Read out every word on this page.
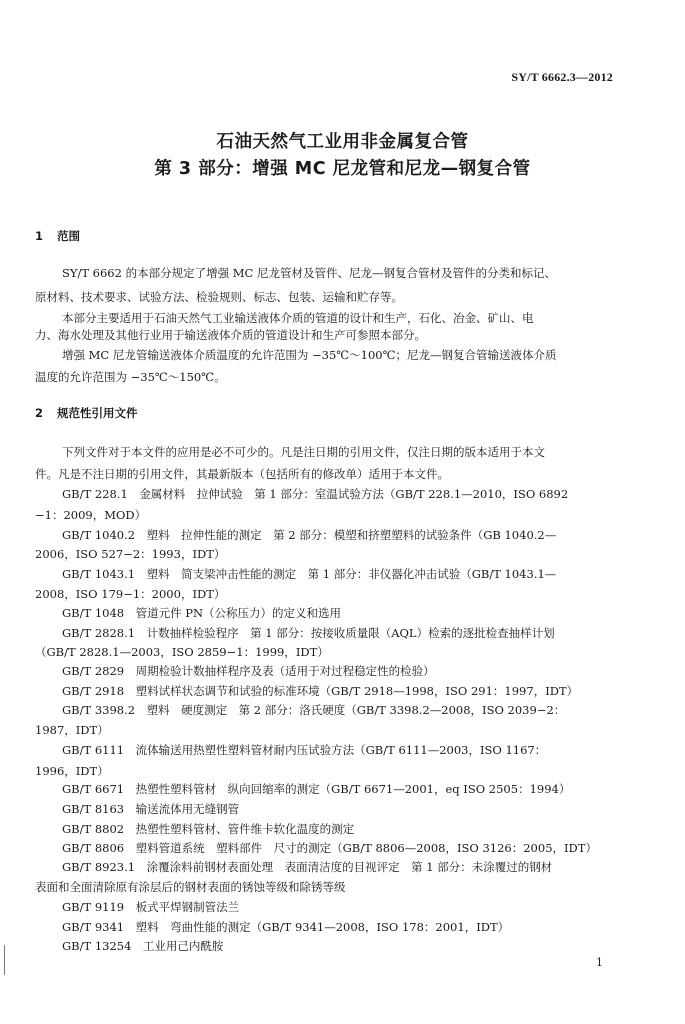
SY/T 6662.3—2012
石油天然气工业用非金属复合管
第 3 部分：增强 MC 尼龙管和尼龙—钢复合管
1 范围
SY/T 6662 的本部分规定了增强 MC 尼龙管材及管件、尼龙—钢复合管材及管件的分类和标记、
原材料、技术要求、试验方法、检验规则、标志、包装、运输和贮存等。
本部分主要适用于石油天然气工业输送液体介质的管道的设计和生产，石化、冶金、矿山、电
力、海水处理及其他行业用于输送液体介质的管道设计和生产可参照本部分。
增强 MC 尼龙管输送液体介质温度的允许范围为 −35℃～100℃；尼龙—钢复合管输送液体介质
温度的允许范围为 −35℃～150℃。
2 规范性引用文件
下列文件对于本文件的应用是必不可少的。凡是注日期的引用文件，仅注日期的版本适用于本文
件。凡是不注日期的引用文件，其最新版本（包括所有的修改单）适用于本文件。
GB/T 228.1　金属材料　拉伸试验　第 1 部分：室温试验方法（GB/T 228.1—2010，ISO 6892
−1：2009，MOD）
GB/T 1040.2　塑料　拉伸性能的测定　第 2 部分：模塑和挤塑塑料的试验条件（GB 1040.2—
2006，ISO 527−2：1993，IDT）
GB/T 1043.1　塑料　简支梁冲击性能的测定　第 1 部分：非仪器化冲击试验（GB/T 1043.1—
2008，ISO 179−1：2000，IDT）
GB/T 1048　管道元件 PN（公称压力）的定义和选用
GB/T 2828.1　计数抽样检验程序　第 1 部分：按接收质量限（AQL）检索的逐批检查抽样计划
（GB/T 2828.1—2003，ISO 2859−1：1999，IDT）
GB/T 2829　周期检验计数抽样程序及表（适用于对过程稳定性的检验）
GB/T 2918　塑料试样状态调节和试验的标准环境（GB/T 2918—1998，ISO 291：1997，IDT）
GB/T 3398.2　塑料　硬度测定　第 2 部分：洛氏硬度（GB/T 3398.2—2008，ISO 2039−2：
1987，IDT）
GB/T 6111　流体输送用热塑性塑料管材耐内压试验方法（GB/T 6111—2003，ISO 1167：
1996，IDT）
GB/T 6671　热塑性塑料管材　纵向回缩率的测定（GB/T 6671—2001，eq ISO 2505：1994）
GB/T 8163　输送流体用无缝钢管
GB/T 8802　热塑性塑料管材、管件维卡软化温度的测定
GB/T 8806　塑料管道系统　塑料部件　尺寸的测定（GB/T 8806—2008，ISO 3126：2005，IDT）
GB/T 8923.1　涂覆涂料前钢材表面处理　表面清洁度的目视评定　第 1 部分：未涂覆过的钢材
表面和全面清除原有涂层后的钢材表面的锈蚀等级和除锈等级
GB/T 9119　板式平焊钢制管法兰
GB/T 9341　塑料　弯曲性能的测定（GB/T 9341—2008，ISO 178：2001，IDT）
GB/T 13254　工业用己内酰胺
1
